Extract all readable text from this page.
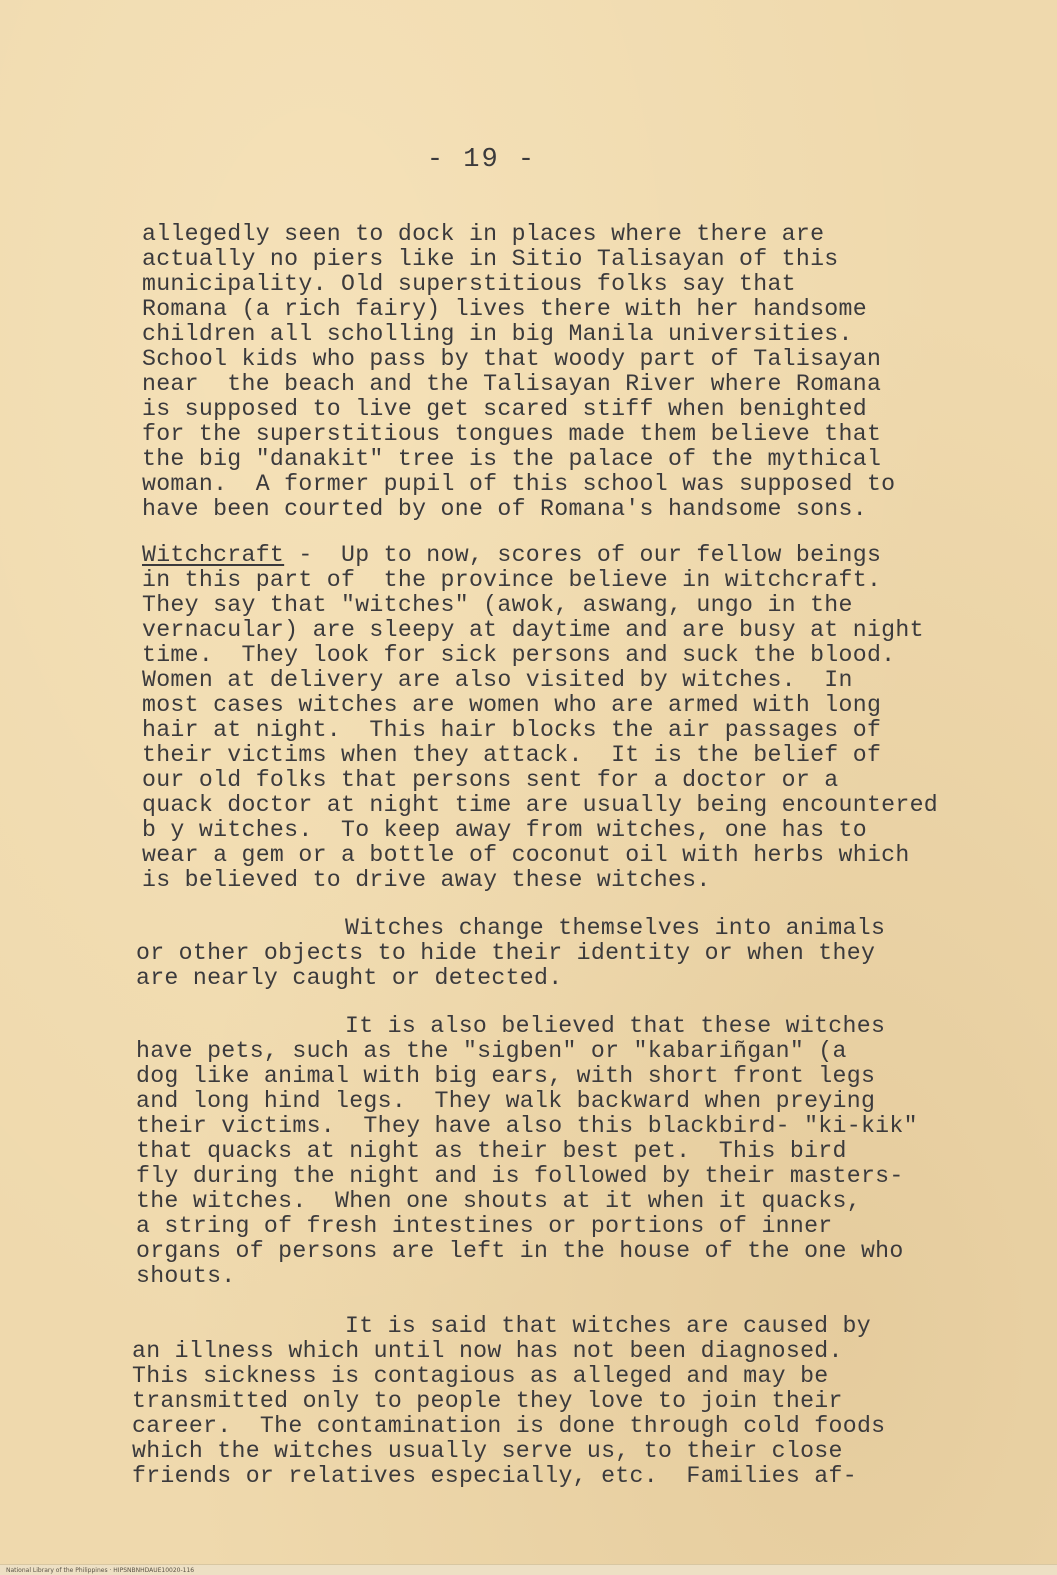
- 19 -
allegedly seen to dock in places where there are
actually no piers like in Sitio Talisayan of this
municipality. Old superstitious folks say that
Romana (a rich fairy) lives there with her handsome
children all scholling in big Manila universities.
School kids who pass by that woody part of Talisayan
near  the beach and the Talisayan River where Romana
is supposed to live get scared stiff when benighted
for the superstitious tongues made them believe that
the big "danakit" tree is the palace of the mythical
woman.  A former pupil of this school was supposed to
have been courted by one of Romana's handsome sons.
Witchcraft -  Up to now, scores of our fellow beings
in this part of  the province believe in witchcraft.
They say that "witches" (awok, aswang, ungo in the
vernacular) are sleepy at daytime and are busy at night
time.  They look for sick persons and suck the blood.
Women at delivery are also visited by witches.  In
most cases witches are women who are armed with long
hair at night.  This hair blocks the air passages of
their victims when they attack.  It is the belief of
our old folks that persons sent for a doctor or a
quack doctor at night time are usually being encountered
b y witches.  To keep away from witches, one has to
wear a gem or a bottle of coconut oil with herbs which
is believed to drive away these witches.
Witches change themselves into animals
or other objects to hide their identity or when they
are nearly caught or detected.
It is also believed that these witches
have pets, such as the "sigben" or "kabariñgan" (a
dog like animal with big ears, with short front legs
and long hind legs.  They walk backward when preying
their victims.  They have also this blackbird- "ki-kik"
that quacks at night as their best pet.  This bird
fly during the night and is followed by their masters-
the witches.  When one shouts at it when it quacks,
a string of fresh intestines or portions of inner
organs of persons are left in the house of the one who
shouts.
It is said that witches are caused by
an illness which until now has not been diagnosed.
This sickness is contagious as alleged and may be
transmitted only to people they love to join their
career.  The contamination is done through cold foods
which the witches usually serve us, to their close
friends or relatives especially, etc.  Families af-
National Library of the Philippines · HIPSNBNHDAUE10020-116
